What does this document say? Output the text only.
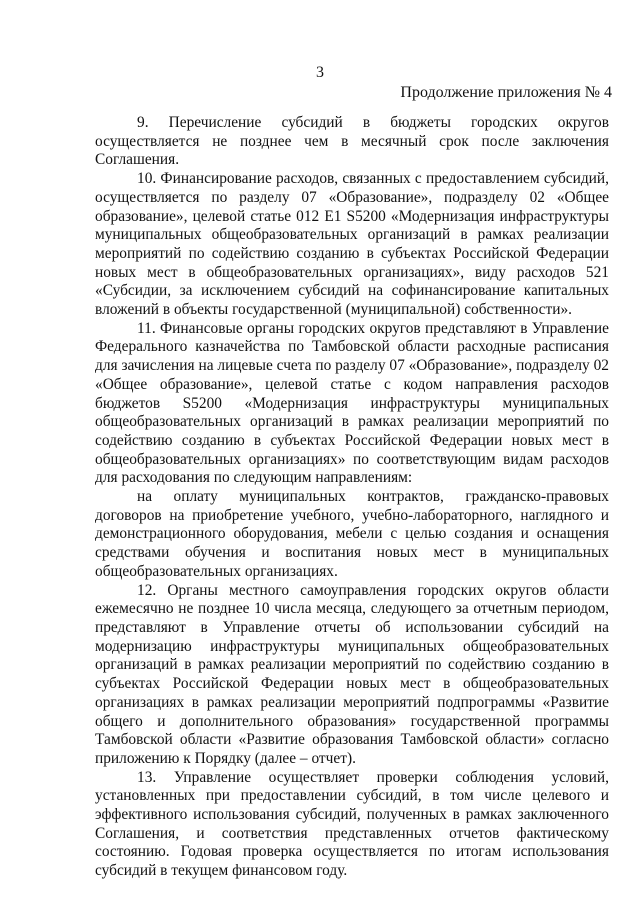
3
Продолжение приложения № 4

9. Перечисление субсидий в бюджеты городских округов осуществляется не позднее чем в месячный срок после заключения Соглашения.

10. Финансирование расходов, связанных с предоставлением субсидий, осуществляется по разделу 07 «Образование», подразделу 02 «Общее образование», целевой статье 012 Е1 S5200 «Модернизация инфраструктуры муниципальных общеобразовательных организаций в рамках реализации мероприятий по содействию созданию в субъектах Российской Федерации новых мест в общеобразовательных организациях», виду расходов 521 «Субсидии, за исключением субсидий на софинансирование капитальных вложений в объекты государственной (муниципальной) собственности».

11. Финансовые органы городских округов представляют в Управление Федерального казначейства по Тамбовской области расходные расписания для зачисления на лицевые счета по разделу 07 «Образование», подразделу 02 «Общее образование», целевой статье с кодом направления расходов бюджетов S5200 «Модернизация инфраструктуры муниципальных общеобразовательных организаций в рамках реализации мероприятий по содействию созданию в субъектах Российской Федерации новых мест в общеобразовательных организациях» по соответствующим видам расходов для расходования по следующим направлениям:

на оплату муниципальных контрактов, гражданско-правовых договоров на приобретение учебного, учебно-лабораторного, наглядного и демонстрационного оборудования, мебели с целью создания и оснащения средствами обучения и воспитания новых мест в муниципальных общеобразовательных организациях.

12. Органы местного самоуправления городских округов области ежемесячно не позднее 10 числа месяца, следующего за отчетным периодом, представляют в Управление отчеты об использовании субсидий на модернизацию инфраструктуры муниципальных общеобразовательных организаций в рамках реализации мероприятий по содействию созданию в субъектах Российской Федерации новых мест в общеобразовательных организациях в рамках реализации мероприятий подпрограммы «Развитие общего и дополнительного образования» государственной программы Тамбовской области «Развитие образования Тамбовской области» согласно приложению к Порядку (далее – отчет).

13. Управление осуществляет проверки соблюдения условий, установленных при предоставлении субсидий, в том числе целевого и эффективного использования субсидий, полученных в рамках заключенного Соглашения, и соответствия представленных отчетов фактическому состоянию. Годовая проверка осуществляется по итогам использования субсидий в текущем финансовом году.
